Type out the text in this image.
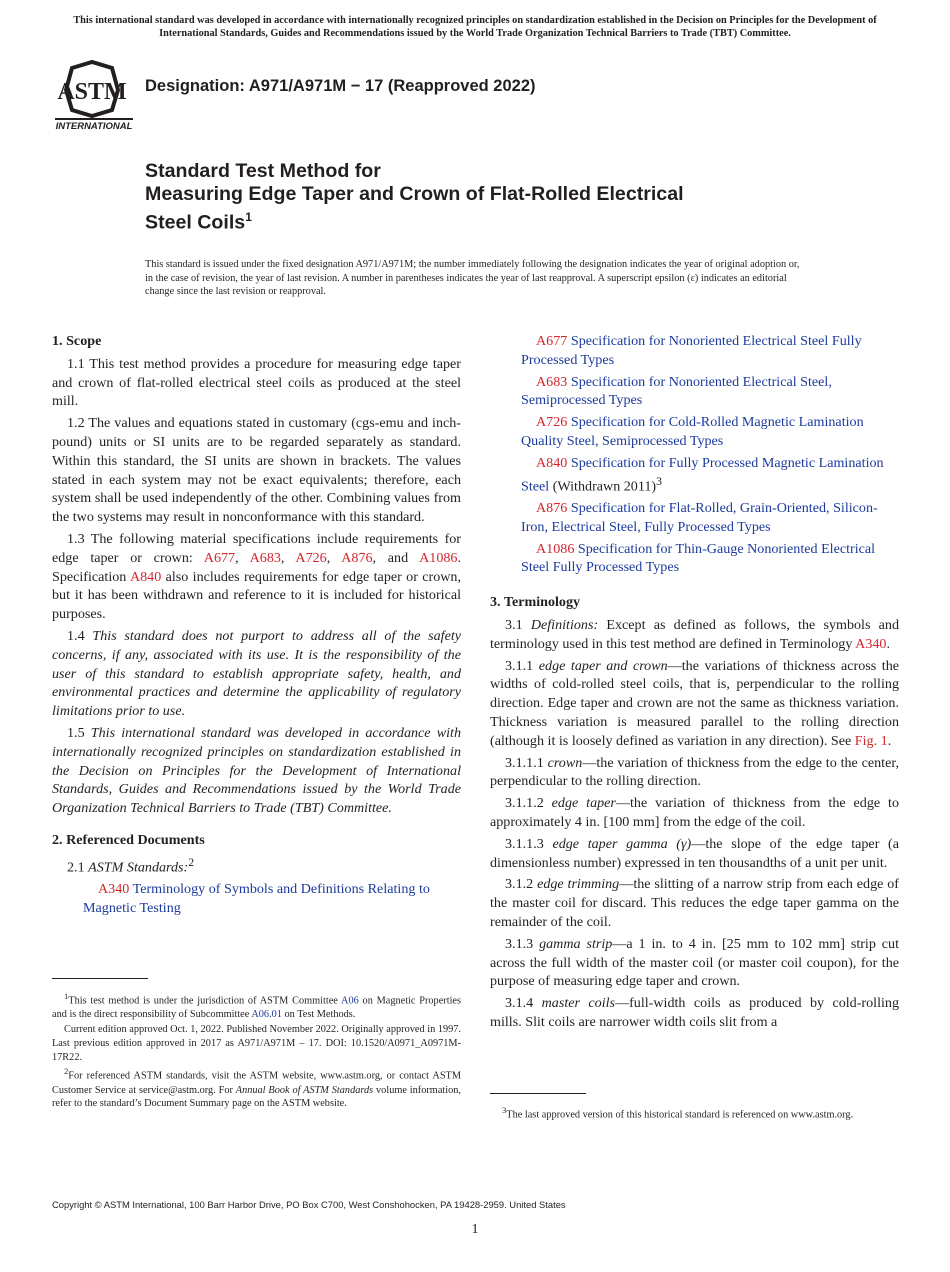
This international standard was developed in accordance with internationally recognized principles on standardization established in the Decision on Principles for the Development of International Standards, Guides and Recommendations issued by the World Trade Organization Technical Barriers to Trade (TBT) Committee.
ASTM
INTERNATIONAL
Designation: A971/A971M − 17 (Reapproved 2022)
Standard Test Method for
Measuring Edge Taper and Crown of Flat-Rolled Electrical
Steel Coils$^1$
This standard is issued under the fixed designation A971/A971M; the number immediately following the designation indicates the year of original adoption or, in the case of revision, the year of last revision. A number in parentheses indicates the year of last reapproval. A superscript epsilon (ε) indicates an editorial change since the last revision or reapproval.
1. Scope

1.1 This test method provides a procedure for measuring edge taper and crown of flat-rolled electrical steel coils as produced at the steel mill.

1.2 The values and equations stated in customary (cgs-emu and inch-pound) units or SI units are to be regarded separately as standard. Within this standard, the SI units are shown in brackets. The values stated in each system may not be exact equivalents; therefore, each system shall be used independently of the other. Combining values from the two systems may result in nonconformance with this standard.

1.3 The following material specifications include requirements for edge taper or crown: A677, A683, A726, A876, and A1086. Specification A840 also includes requirements for edge taper or crown, but it has been withdrawn and reference to it is included for historical purposes.

1.4 This standard does not purport to address all of the safety concerns, if any, associated with its use. It is the responsibility of the user of this standard to establish appropriate safety, health, and environmental practices and determine the applicability of regulatory limitations prior to use.

1.5 This international standard was developed in accordance with internationally recognized principles on standardization established in the Decision on Principles for the Development of International Standards, Guides and Recommendations issued by the World Trade Organization Technical Barriers to Trade (TBT) Committee.

2. Referenced Documents

2.1 ASTM Standards:$^2$

A340 Terminology of Symbols and Definitions Relating to Magnetic Testing

A677 Specification for Nonoriented Electrical Steel Fully Processed Types

A683 Specification for Nonoriented Electrical Steel, Semiprocessed Types

A726 Specification for Cold-Rolled Magnetic Lamination Quality Steel, Semiprocessed Types

A840 Specification for Fully Processed Magnetic Lamination Steel (Withdrawn 2011)$^3$

A876 Specification for Flat-Rolled, Grain-Oriented, Silicon-Iron, Electrical Steel, Fully Processed Types

A1086 Specification for Thin-Gauge Nonoriented Electrical Steel Fully Processed Types

3. Terminology

3.1 Definitions: Except as defined as follows, the symbols and terminology used in this test method are defined in Terminology A340.

3.1.1 edge taper and crown—the variations of thickness across the widths of cold-rolled steel coils, that is, perpendicular to the rolling direction. Edge taper and crown are not the same as thickness variation. Thickness variation is measured parallel to the rolling direction (although it is loosely defined as variation in any direction). See Fig. 1.

3.1.1.1 crown—the variation of thickness from the edge to the center, perpendicular to the rolling direction.

3.1.1.2 edge taper—the variation of thickness from the edge to approximately 4 in. [100 mm] from the edge of the coil.

3.1.1.3 edge taper gamma (γ)—the slope of the edge taper (a dimensionless number) expressed in ten thousandths of a unit per unit.

3.1.2 edge trimming—the slitting of a narrow strip from each edge of the master coil for discard. This reduces the edge taper gamma on the remainder of the coil.

3.1.3 gamma strip—a 1 in. to 4 in. [25 mm to 102 mm] strip cut across the full width of the master coil (or master coil coupon), for the purpose of measuring edge taper and crown.

3.1.4 master coils—full-width coils as produced by cold-rolling mills. Slit coils are narrower width coils slit from a

$^1$This test method is under the jurisdiction of ASTM Committee A06 on Magnetic Properties and is the direct responsibility of Subcommittee A06.01 on Test Methods.

Current edition approved Oct. 1, 2022. Published November 2022. Originally approved in 1997. Last previous edition approved in 2017 as A971/A971M – 17. DOI: 10.1520/A0971_A0971M-17R22.

$^2$For referenced ASTM standards, visit the ASTM website, www.astm.org, or contact ASTM Customer Service at service@astm.org. For Annual Book of ASTM Standards volume information, refer to the standard’s Document Summary page on the ASTM website.

$^3$The last approved version of this historical standard is referenced on www.astm.org.

Copyright © ASTM International, 100 Barr Harbor Drive, PO Box C700, West Conshohocken, PA 19428-2959. United States
1
